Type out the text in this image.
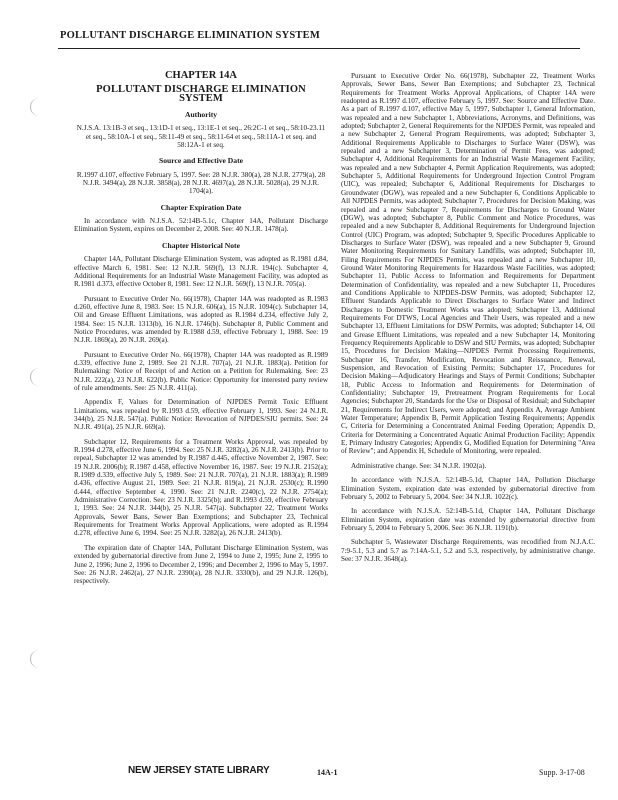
POLLUTANT DISCHARGE ELIMINATION SYSTEM
CHAPTER 14A
POLLUTANT DISCHARGE ELIMINATION SYSTEM
Authority

N.J.S.A. 13:1B-3 et seq., 13:1D-1 et seq., 13:1E-1 et seq., 26:2C-1 et seq., 58:10-23.11 et seq., 58:10A-1 et seq., 58:11-49 et seq., 58:11-64 et seq., 58:11A-1 et seq. and 58:12A-1 et seq.

Source and Effective Date

R.1997 d.107, effective February 5, 1997. See: 28 N.J.R. 380(a), 28 N.J.R. 2779(a), 28 N.J.R. 3494(a), 28 N.J.R. 3858(a), 28 N.J.R. 4697(a), 28 N.J.R. 5028(a), 29 N.J.R. 1704(a).

Chapter Expiration Date

In accordance with N.J.S.A. 52:14B-5.1c, Chapter 14A, Pollutant Discharge Elimination System, expires on December 2, 2008. See: 40 N.J.R. 1478(a).

Chapter Historical Note

Chapter 14A, Pollutant Discharge Elimination System, was adopted as R.1981 d.84, effective March 6, 1981. See: 12 N.J.R. 569(f), 13 N.J.R. 194(c). Subchapter 4, Additional Requirements for an Industrial Waste Management Facility, was adopted as R.1981 d.373, effective October 8, 1981. See: 12 N.J.R. 569(f), 13 N.J.R. 705(a).

Pursuant to Executive Order No. 66(1978), Chapter 14A was readopted as R.1983 d.260, effective June 8, 1983. See: 15 N.J.R. 606(a), 15 N.J.R. 1094(c). Subchapter 14, Oil and Grease Effluent Limitations, was adopted as R.1984 d.234, effective July 2, 1984. See: 15 N.J.R. 1313(b), 16 N.J.R. 1746(b). Subchapter 8, Public Comment and Notice Procedures, was amended by R.1988 d.59, effective February 1, 1988. See: 19 N.J.R. 1869(a), 20 N.J.R. 269(a).

Pursuant to Executive Order No. 66(1978), Chapter 14A was readopted as R.1989 d.339, effective June 2, 1989. See 21 N.J.R. 707(a), 21 N.J.R. 1883(a). Petition for Rulemaking: Notice of Receipt of and Action on a Petition for Rulemaking. See: 23 N.J.R. 222(a), 23 N.J.R. 622(b). Public Notice: Opportunity for interested party review of rule amendments. See: 25 N.J.R. 411(a).

Appendix F, Values for Determination of NJPDES Permit Toxic Effluent Limitations, was repealed by R.1993 d.59, effective February 1, 1993. See: 24 N.J.R. 344(b), 25 N.J.R. 547(a). Public Notice: Revocation of NJPDES/SIU permits. See: 24 N.J.R. 491(a), 25 N.J.R. 669(a).

Subchapter 12, Requirements for a Treatment Works Approval, was repealed by R.1994 d.278, effective June 6, 1994. See: 25 N.J.R. 3282(a), 26 N.J.R. 2413(b). Prior to repeal, Subchapter 12 was amended by R.1987 d.445, effective November 2, 1987. See: 19 N.J.R. 2006(b); R.1987 d.458, effective November 16, 1987. See: 19 N.J.R. 2152(a); R.1989 d.339, effective July 5, 1989. See: 21 N.J.R. 707(a), 21 N.J.R. 1883(a); R.1989 d.436, effective August 21, 1989. See: 21 N.J.R. 819(a), 21 N.J.R. 2530(c); R.1990 d.444, effective September 4, 1990. See: 21 N.J.R. 2240(c), 22 N.J.R. 2754(a); Administrative Correction. See: 23 N.J.R. 3325(b); and R.1993 d.59, effective February 1, 1993. See: 24 N.J.R. 344(b), 25 N.J.R. 547(a). Subchapter 22, Treatment Works Approvals, Sewer Bans, Sewer Ban Exemptions; and Subchapter 23, Technical Requirements for Treatment Works Approval Applications, were adopted as R.1994 d.278, effective June 6, 1994. See: 25 N.J.R. 3282(a), 26 N.J.R. 2413(b).

The expiration date of Chapter 14A, Pollutant Discharge Elimination System, was extended by gubernatorial directive from June 2, 1994 to June 2, 1995; June 2, 1995 to June 2, 1996; June 2, 1996 to December 2, 1996; and December 2, 1996 to May 5, 1997. See: 26 N.J.R. 2462(a), 27 N.J.R. 2390(a), 28 N.J.R. 3330(b), and 29 N.J.R. 126(b), respectively.

Pursuant to Executive Order No. 66(1978), Subchapter 22, Treatment Works Approvals, Sewer Bans, Sewer Ban Exemptions; and Subchapter 23, Technical Requirements for Treatment Works Approval Applications, of Chapter 14A were readopted as R.1997 d.107, effective February 5, 1997. See: Source and Effective Date. As a part of R.1997 d.107, effective May 5, 1997, Subchapter 1, General Information, was repealed and a new Subchapter 1, Abbreviations, Acronyms, and Definitions, was adopted; Subchapter 2, General Requirements for the NJPDES Permit, was repealed and a new Subchapter 2, General Program Requirements, was adopted; Subchapter 3, Additional Requirements Applicable to Discharges to Surface Water (DSW), was repealed and a new Subchapter 3, Determination of Permit Fees, was adopted; Subchapter 4, Additional Requirements for an Industrial Waste Management Facility, was repealed and a new Subchapter 4, Permit Application Requirements, was adopted; Subchapter 5, Additional Requirements for Underground Injection Control Program (UIC), was repealed; Subchapter 6, Additional Requirements for Discharges to Groundwater (DGW), was repealed and a new Subchapter 6, Conditions Applicable to All NJPDES Permits, was adopted; Subchapter 7, Procedures for Decision Making, was repealed and a new Subchapter 7, Requirements for Discharges to Ground Water (DGW), was adopted; Subchapter 8, Public Comment and Notice Procedures, was repealed and a new Subchapter 8, Additional Requirements for Underground Injection Control (UIC) Program, was adopted; Subchapter 9, Specific Procedures Applicable to Discharges to Surface Water (DSW), was repealed and a new Subchapter 9, Ground Water Monitoring Requirements for Sanitary Landfills, was adopted; Subchapter 10, Filing Requirements For NJPDES Permits, was repealed and a new Subchapter 10, Ground Water Monitoring Requirements for Hazardous Waste Facilities, was adopted; Subchapter 11, Public Access to Information and Requirements for Department Determination of Confidentiality, was repealed and a new Subchapter 11, Procedures and Conditions Applicable to NJPDES-DSW Permits, was adopted; Subchapter 12, Effluent Standards Applicable to Direct Discharges to Surface Water and Indirect Discharges to Domestic Treatment Works was adopted; Subchapter 13, Additional Requirements For DTWS, Local Agencies and Their Users, was repealed and a new Subchapter 13, Effluent Limitations for DSW Permits, was adopted; Subchapter 14, Oil and Grease Effluent Limitations, was repealed and a new Subchapter 14, Monitoring Frequency Requirements Applicable to DSW and SIU Permits, was adopted; Subchapter 15, Procedures for Decision Making—NJPDES Permit Processing Requirements, Subchapter 16, Transfer, Modification, Revocation and Reissuance, Renewal, Suspension, and Revocation of Existing Permits; Subchapter 17, Procedures for Decision Making—Adjudicatory Hearings and Stays of Permit Conditions; Subchapter 18, Public Access to Information and Requirements for Determination of Confidentiality; Subchapter 19, Pretreatment Program Requirements for Local Agencies; Subchapter 20, Standards for the Use or Disposal of Residual; and Subchapter 21, Requirements for Indirect Users, were adopted; and Appendix A, Average Ambient Water Temperature; Appendix B, Permit Application Testing Requirements; Appendix C, Criteria for Determining a Concentrated Animal Feeding Operation; Appendix D, Criteria for Determining a Concentrated Aquatic Animal Production Facility; Appendix E, Primary Industry Categories; Appendix G, Modified Equation for Determining "Area of Review"; and Appendix H, Schedule of Monitoring, were repealed.

Administrative change. See: 34 N.J.R. 1902(a).

In accordance with N.J.S.A. 52:14B-5.1d, Chapter 14A, Pollution Discharge Elimination System, expiration date was extended by gubernatorial directive from February 5, 2002 to February 5, 2004. See: 34 N.J.R. 1022(c).

In accordance with N.J.S.A. 52:14B-5.1d, Chapter 14A, Pollutant Discharge Elimination System, expiration date was extended by gubernatorial directive from February 5, 2004 to February 5, 2006. See: 36 N.J.R. 1191(b).

Subchapter 5, Wastewater Discharge Requirements, was recodified from N.J.A.C. 7:9-5.1, 5.3 and 5.7 as 7:14A-5.1, 5.2 and 5.3, respectively, by administrative change. See: 37 N.J.R. 3648(a).

NEW JERSEY STATE LIBRARY	14A-1	Supp. 3-17-08
